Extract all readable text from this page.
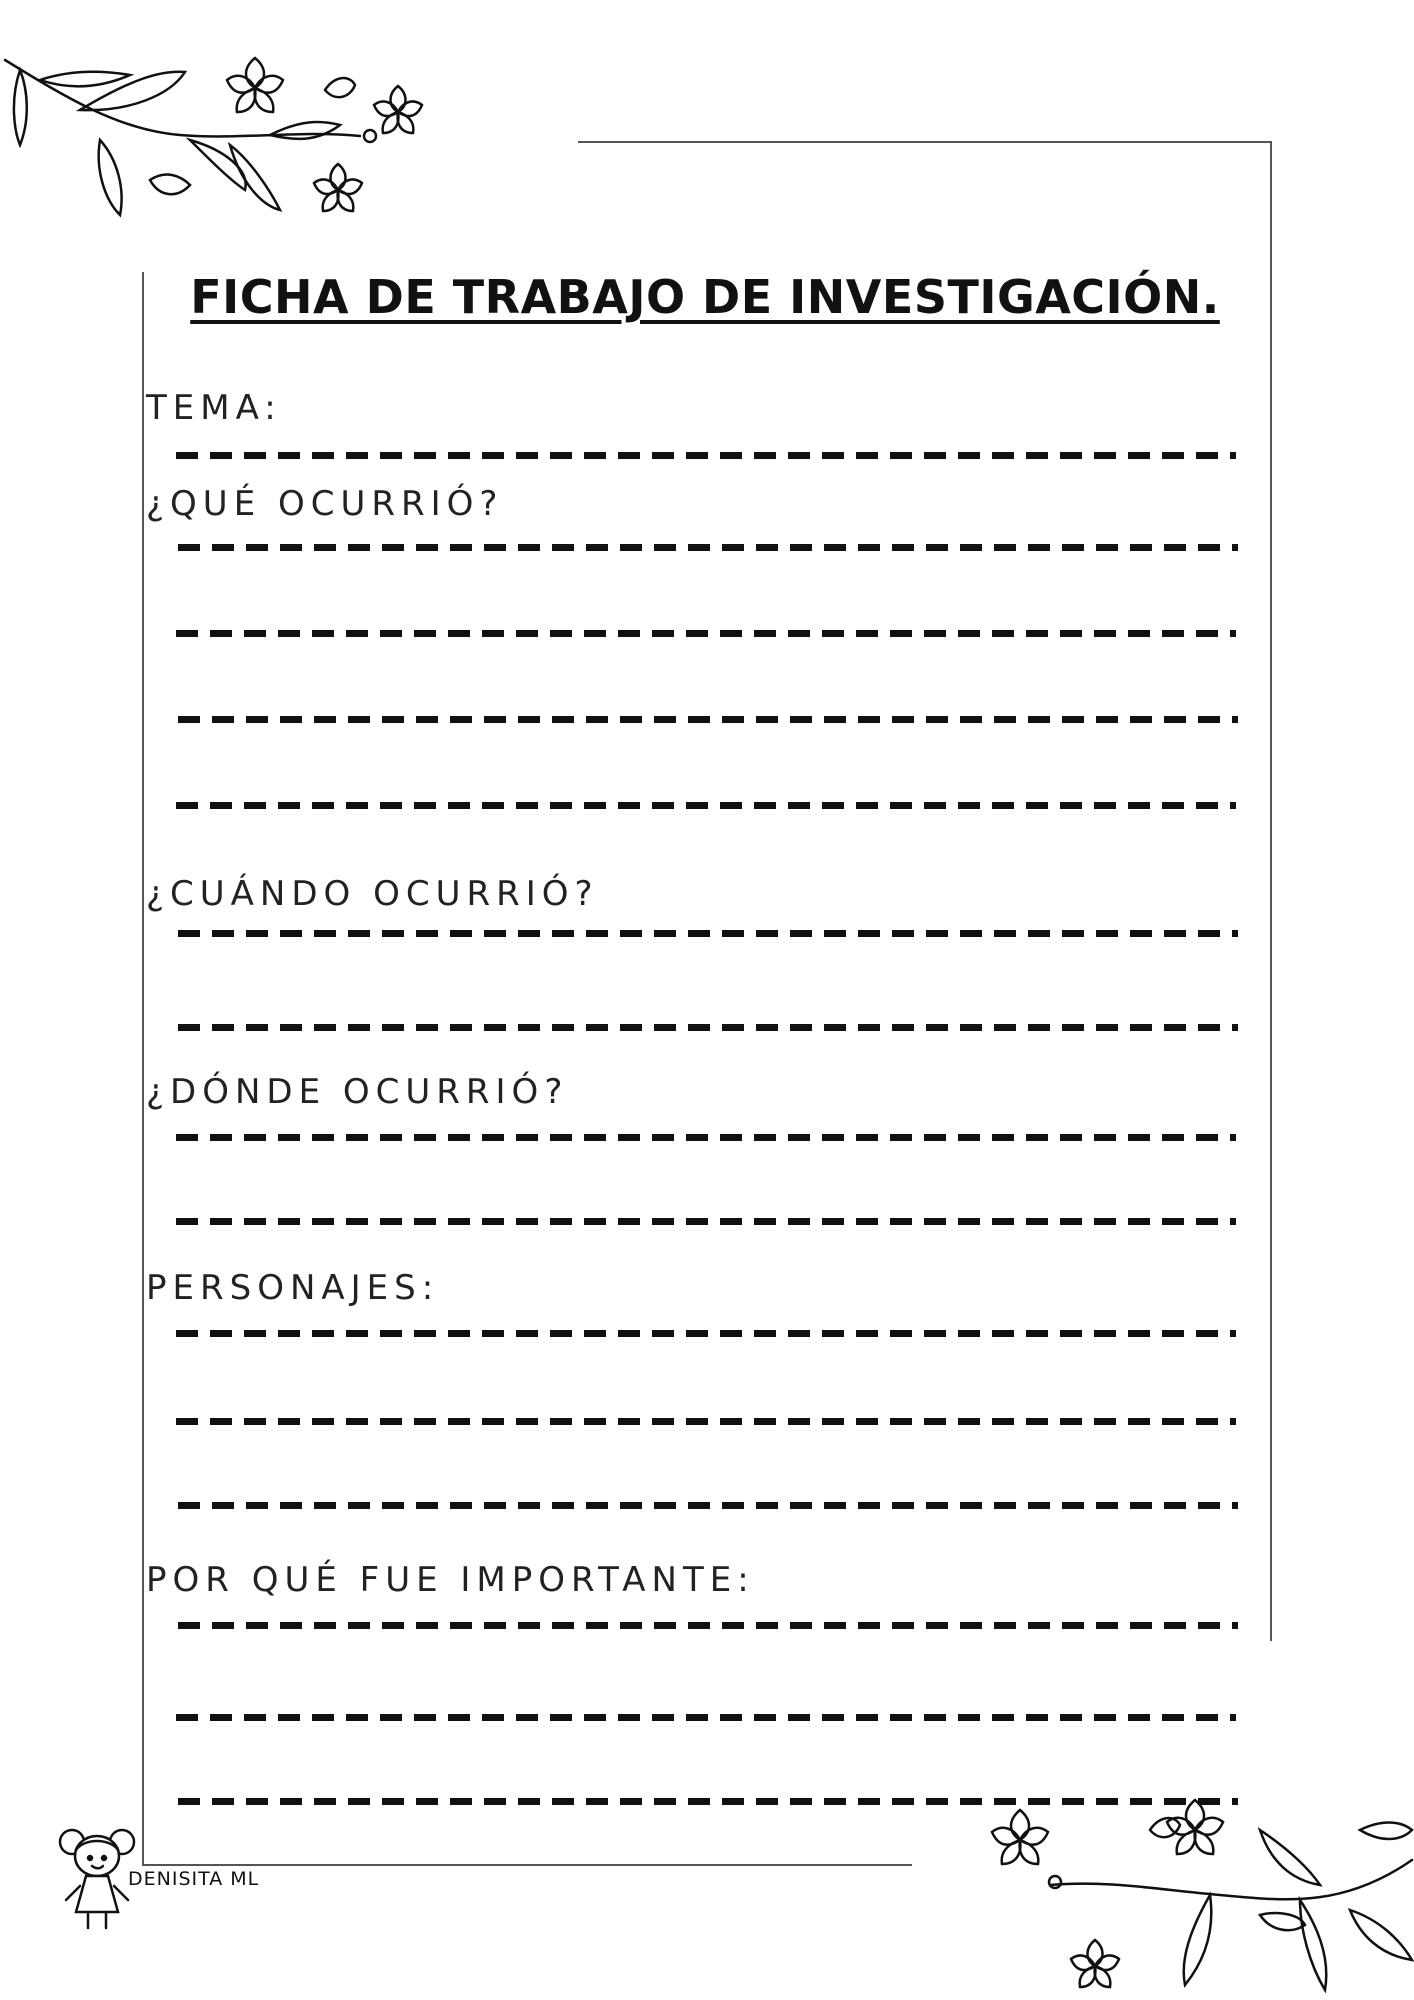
FICHA DE TRABAJO DE INVESTIGACIÓN.
TEMA:
¿QUÉ OCURRIÓ?
¿CUÁNDO OCURRIÓ?
¿DÓNDE OCURRIÓ?
PERSONAJES:
POR QUÉ FUE IMPORTANTE:
DENISITA ML
